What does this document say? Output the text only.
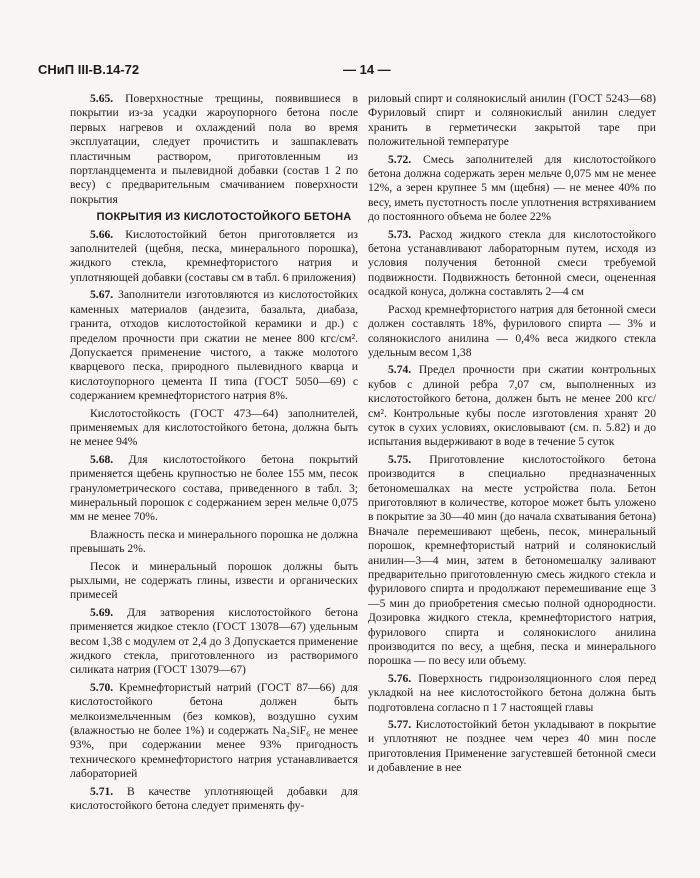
СНиП III-В.14-72	— 14 —

5.65. Поверхностные трещины, появившиеся в покрытии из-за усадки жароупорного бетона после первых нагревов и охлаждений пола во время эксплуатации, следует прочистить и зашпаклевать пластичным раствором, приготовленным из портландцемента и пылевидной добавки (состав 1 2 по весу) с предварительным смачиванием поверхности покрытия

ПОКРЫТИЯ ИЗ КИСЛОТОСТОЙКОГО БЕТОНА

5.66. Кислотостойкий бетон приготовляется из заполнителей (щебня, песка, минерального порошка), жидкого стекла, кремнефтористого натрия и уплотняющей добавки (составы см в табл. 6 приложения)

5.67. Заполнители изготовляются из кислотостойких каменных материалов (андезита, базальта, диабаза, гранита, отходов кислотостойкой керамики и др.) с пределом прочности при сжатии не менее 800 кгс/см². Допускается применение чистого, а также молотого кварцевого песка, природного пылевидного кварца и кислотоупорного цемента II типа (ГОСТ 5050—69) с содержанием кремнефтористого натрия 8%.

Кислотостойкость (ГОСТ 473—64) заполнителей, применяемых для кислотостойкого бетона, должна быть не менее 94%

5.68. Для кислотостойкого бетона покрытий применяется щебень крупностью не более 155 мм, песок гранулометрического состава, приведенного в табл. 3; минеральный порошок с содержанием зерен мельче 0,075 мм не менее 70%.

Влажность песка и минерального порошка не должна превышать 2%.

Песок и минеральный порошок должны быть рыхлыми, не содержать глины, извести и органических примесей

5.69. Для затворения кислотостойкого бетона применяется жидкое стекло (ГОСТ 13078—67) удельным весом 1,38 с модулем от 2,4 до 3 Допускается применение жидкого стекла, приготовленного из растворимого силиката натрия (ГОСТ 13079—67)

5.70. Кремнефтористый натрий (ГОСТ 87—66) для кислотостойкого бетона должен быть мелкоизмельченным (без комков), воздушно сухим (влажностью не более 1%) и содержать Na₂SiF₆ не менее 93%, при содержании менее 93% пригодность технического кремнефтористого натрия устанавливается лабораторией

5.71. В качестве уплотняющей добавки для кислотостойкого бетона следует применять фу-

риловый спирт и солянокислый анилин (ГОСТ 5243—68) Фуриловый спирт и солянокислый анилин следует хранить в герметически закрытой таре при положительной температуре

5.72. Смесь заполнителей для кислотостойкого бетона должна содержать зерен мельче 0,075 мм не менее 12%, а зерен крупнее 5 мм (щебня) — не менее 40% по весу, иметь пустотность после уплотнения встряхиванием до постоянного объема не более 22%

5.73. Расход жидкого стекла для кислотостойкого бетона устанавливают лабораторным путем, исходя из условия получения бетонной смеси требуемой подвижности. Подвижность бетонной смеси, оцененная осадкой конуса, должна составлять 2—4 см

Расход кремнефтористого натрия для бетонной смеси должен составлять 18%, фурилового спирта — 3% и солянокислого анилина — 0,4% веса жидкого стекла удельным весом 1,38

5.74. Предел прочности при сжатии контрольных кубов с длиной ребра 7,07 см, выполненных из кислотостойкого бетона, должен быть не менее 200 кгс/см². Контрольные кубы после изготовления хранят 20 суток в сухих условиях, окисловывают (см. п. 5.82) и до испытания выдерживают в воде в течение 5 суток

5.75. Приготовление кислотостойкого бетона производится в специально предназначенных бетономешалках на месте устройства пола. Бетон приготовляют в количестве, которое может быть уложено в покрытие за 30—40 мин (до начала схватывания бетона) Вначале перемешивают щебень, песок, минеральный порошок, кремнефтористый натрий и солянокислый анилин—3—4 мин, затем в бетономешалку заливают предварительно приготовленную смесь жидкого стекла и фурилового спирта и продолжают перемешивание еще 3—5 мин до приобретения смесью полной однородности. Дозировка жидкого стекла, кремнефтористого натрия, фурилового спирта и солянокислого анилина производится по весу, а щебня, песка и минерального порошка — по весу или объему.

5.76. Поверхность гидроизоляционного слоя перед укладкой на нее кислотостойкого бетона должна быть подготовлена согласно п 1 7 настоящей главы

5.77. Кислотостойкий бетон укладывают в покрытие и уплотняют не позднее чем через 40 мин после приготовления Применение загустевшей бетонной смеси и добавление в нее
